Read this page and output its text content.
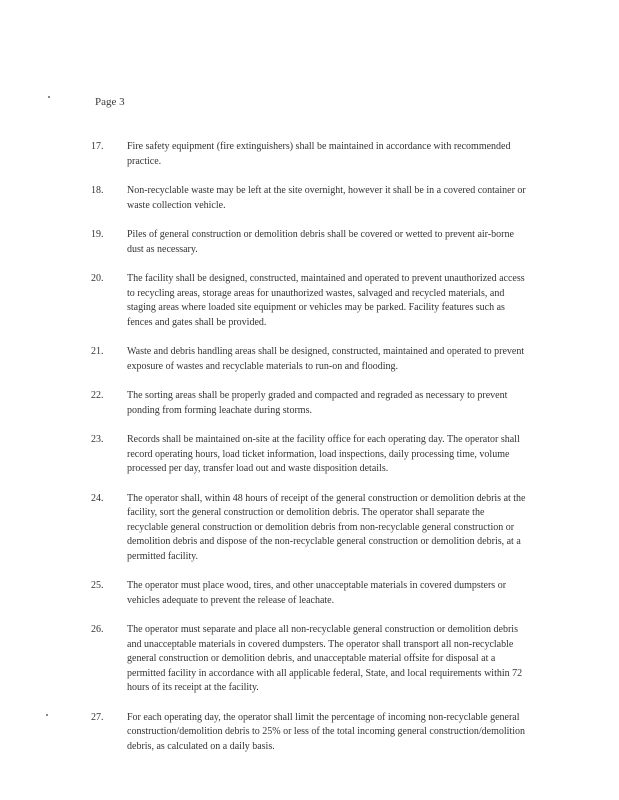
Page 3
17.	Fire safety equipment (fire extinguishers) shall be maintained in accordance with recommended practice.
18.	Non-recyclable waste may be left at the site overnight, however it shall be in a covered container or waste collection vehicle.
19.	Piles of general construction or demolition debris shall be covered or wetted to prevent air-borne dust as necessary.
20.	The facility shall be designed, constructed, maintained and operated to prevent unauthorized access to recycling areas, storage areas for unauthorized wastes, salvaged and recycled materials, and staging areas where loaded site equipment or vehicles may be parked. Facility features such as fences and gates shall be provided.
21.	Waste and debris handling areas shall be designed, constructed, maintained and operated to prevent exposure of wastes and recyclable materials to run-on and flooding.
22.	The sorting areas shall be properly graded and compacted and regraded as necessary to prevent ponding from forming leachate during storms.
23.	Records shall be maintained on-site at the facility office for each operating day. The operator shall record operating hours, load ticket information, load inspections, daily processing time, volume processed per day, transfer load out and waste disposition details.
24.	The operator shall, within 48 hours of receipt of the general construction or demolition debris at the facility, sort the general construction or demolition debris. The operator shall separate the recyclable general construction or demolition debris from non-recyclable general construction or demolition debris and dispose of the non-recyclable general construction or demolition debris, at a permitted facility.
25.	The operator must place wood, tires, and other unacceptable materials in covered dumpsters or vehicles adequate to prevent the release of leachate.
26.	The operator must separate and place all non-recyclable general construction or demolition debris and unacceptable materials in covered dumpsters. The operator shall transport all non-recyclable general construction or demolition debris, and unacceptable material offsite for disposal at a permitted facility in accordance with all applicable federal, State, and local requirements within 72 hours of its receipt at the facility.
27.	For each operating day, the operator shall limit the percentage of incoming non-recyclable general construction/demolition debris to 25% or less of the total incoming general construction/demolition debris, as calculated on a daily basis.
